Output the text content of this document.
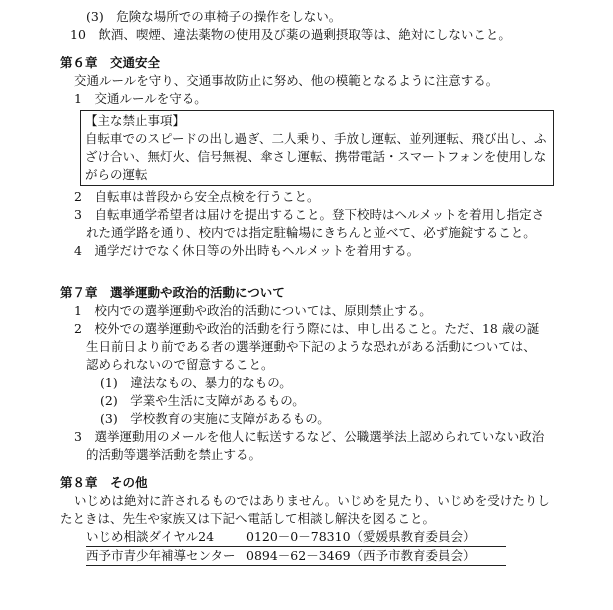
(3)　危険な場所での車椅子の操作をしない。
10　飲酒、喫煙、違法薬物の使用及び薬の過剰摂取等は、絶対にしないこと。
第６章　交通安全
交通ルールを守り、交通事故防止に努め、他の模範となるように注意する。
1　交通ルールを守る。
【主な禁止事項】
自転車でのスピードの出し過ぎ、二人乗り、手放し運転、並列運転、飛び出し、ふ
ざけ合い、無灯火、信号無視、傘さし運転、携帯電話・スマートフォンを使用しな
がらの運転
2　自転車は普段から安全点検を行うこと。
3　自転車通学希望者は届けを提出すること。登下校時はヘルメットを着用し指定さ
れた通学路を通り、校内では指定駐輪場にきちんと並べて、必ず施錠すること。
4　通学だけでなく休日等の外出時もヘルメットを着用する。
第７章　選挙運動や政治的活動について
1　校内での選挙運動や政治的活動については、原則禁止する。
2　校外での選挙運動や政治的活動を行う際には、申し出ること。ただ、18 歳の誕
生日前日より前である者の選挙運動や下記のような恐れがある活動については、
認められないので留意すること。
(1)　違法なもの、暴力的なもの。
(2)　学業や生活に支障があるもの。
(3)　学校教育の実施に支障があるもの。
3　選挙運動用のメールを他人に転送するなど、公職選挙法上認められていない政治
的活動等選挙活動を禁止する。
第８章　その他
いじめは絶対に許されるものではありません。いじめを見たり、いじめを受けたりし
たときは、先生や家族又は下記へ電話して相談し解決を図ること。
いじめ相談ダイヤル24	0120－0－78310（愛媛県教育委員会）
西予市青少年補導センター 0894－62－3469（西予市教育委員会）
